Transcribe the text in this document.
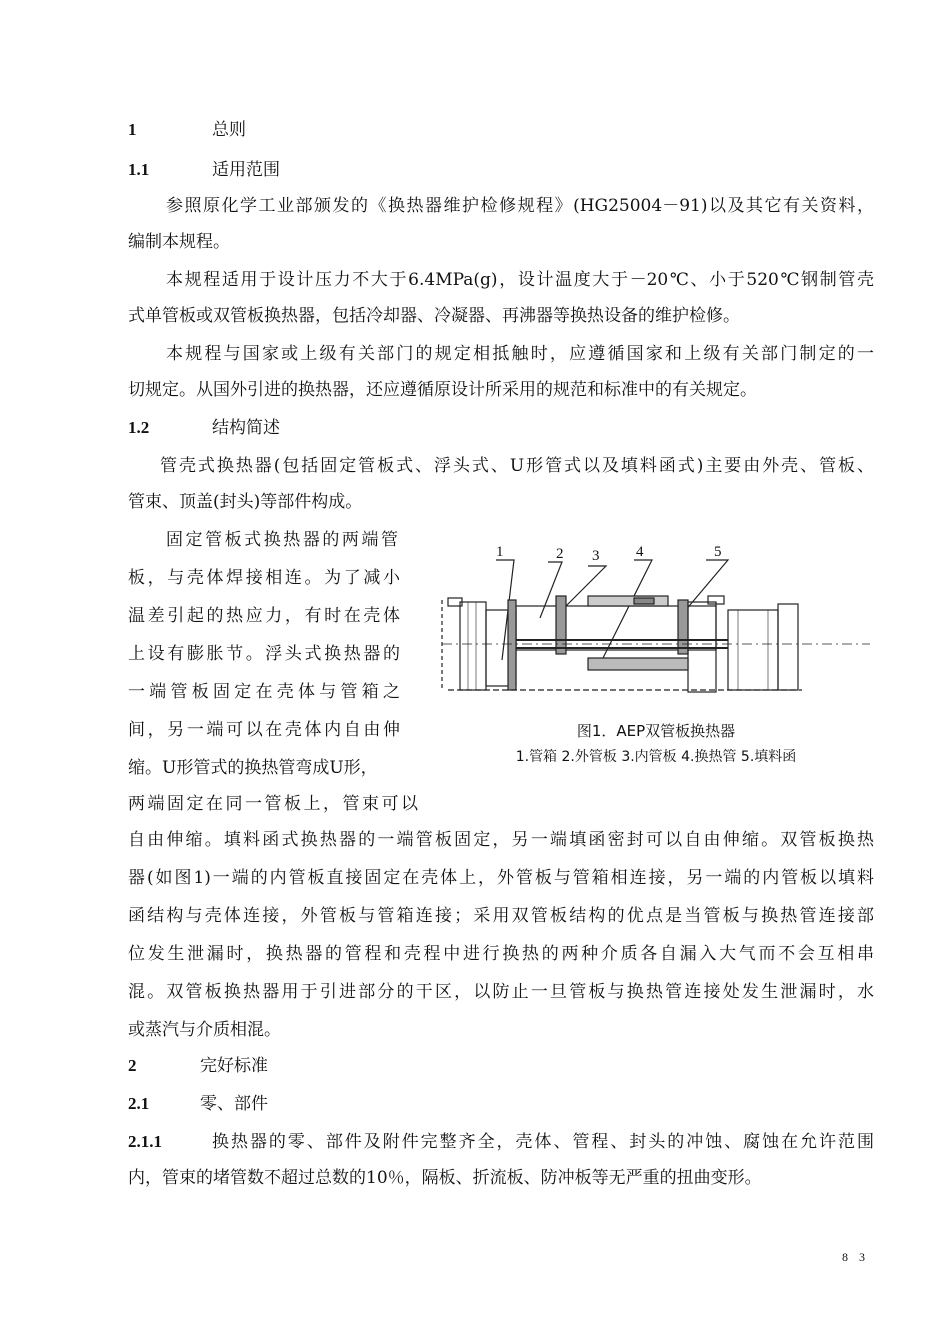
1	总则
1.1	适用范围
参照原化学工业部颁发的《换热器维护检修规程》(HG25004－91)以及其它有关资料，
编制本规程。
本规程适用于设计压力不大于6.4MPa(g)，设计温度大于－20℃、小于520℃钢制管壳
式单管板或双管板换热器，包括冷却器、冷凝器、再沸器等换热设备的维护检修。
本规程与国家或上级有关部门的规定相抵触时，应遵循国家和上级有关部门制定的一
切规定。从国外引进的换热器，还应遵循原设计所采用的规范和标准中的有关规定。
1.2	结构简述
管壳式换热器(包括固定管板式、浮头式、U形管式以及填料函式)主要由外壳、管板、
管束、顶盖(封头)等部件构成。
固定管板式换热器的两端管
板，与壳体焊接相连。为了减小
温差引起的热应力，有时在壳体
上设有膨胀节。浮头式换热器的
一端管板固定在壳体与管箱之
间，另一端可以在壳体内自由伸
缩。U形管式的换热管弯成U形，
两端固定在同一管板上，管束可以
自由伸缩。填料函式换热器的一端管板固定，另一端填函密封可以自由伸缩。双管板换热
器(如图1)一端的内管板直接固定在壳体上，外管板与管箱相连接，另一端的内管板以填料
函结构与壳体连接，外管板与管箱连接；采用双管板结构的优点是当管板与换热管连接部
位发生泄漏时，换热器的管程和壳程中进行换热的两种介质各自漏入大气而不会互相串
混。双管板换热器用于引进部分的干区，以防止一旦管板与换热管连接处发生泄漏时，水
或蒸汽与介质相混。
1	2 3 4	5
图1．AEP双管板换热器
1.管箱 2.外管板 3.内管板 4.换热管 5.填料函
2	完好标准
2.1	零、部件
2.1.1	换热器的零、部件及附件完整齐全，壳体、管程、封头的冲蚀、腐蚀在允许范围
内，管束的堵管数不超过总数的10％，隔板、折流板、防冲板等无严重的扭曲变形。
8 3
